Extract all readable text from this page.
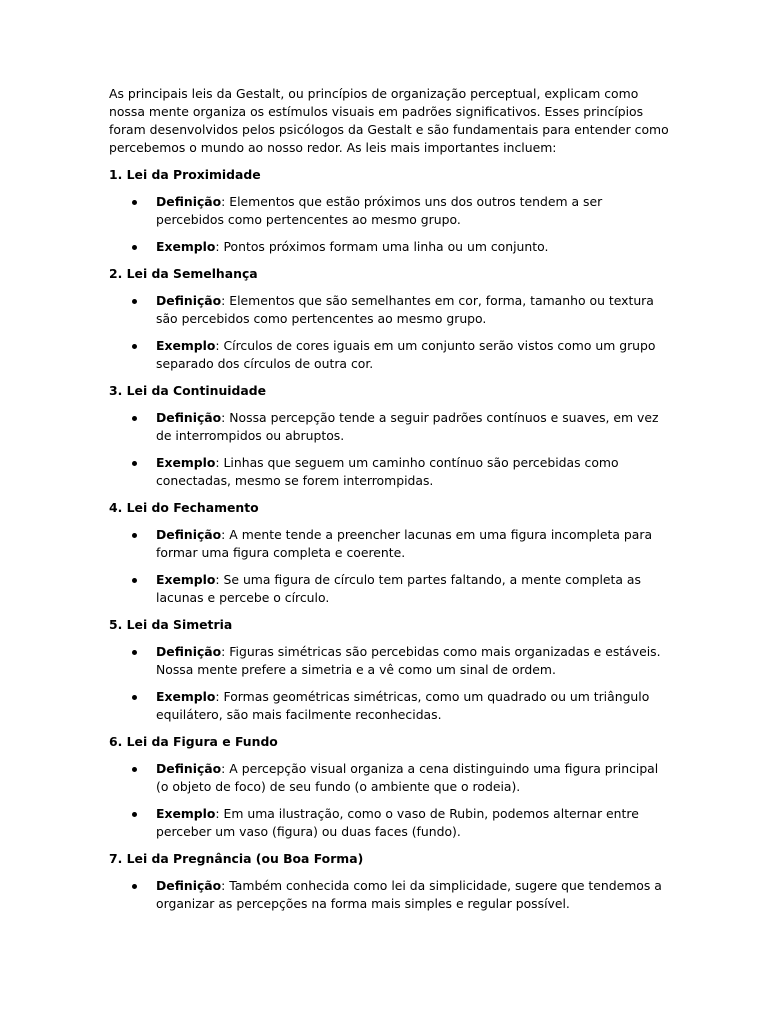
As principais leis da Gestalt, ou princípios de organização perceptual, explicam como nossa mente organiza os estímulos visuais em padrões significativos. Esses princípios foram desenvolvidos pelos psicólogos da Gestalt e são fundamentais para entender como percebemos o mundo ao nosso redor. As leis mais importantes incluem:

1. Lei da Proximidade
Definição: Elementos que estão próximos uns dos outros tendem a ser percebidos como pertencentes ao mesmo grupo.
Exemplo: Pontos próximos formam uma linha ou um conjunto.
2. Lei da Semelhança
Definição: Elementos que são semelhantes em cor, forma, tamanho ou textura são percebidos como pertencentes ao mesmo grupo.
Exemplo: Círculos de cores iguais em um conjunto serão vistos como um grupo separado dos círculos de outra cor.
3. Lei da Continuidade
Definição: Nossa percepção tende a seguir padrões contínuos e suaves, em vez de interrompidos ou abruptos.
Exemplo: Linhas que seguem um caminho contínuo são percebidas como conectadas, mesmo se forem interrompidas.
4. Lei do Fechamento
Definição: A mente tende a preencher lacunas em uma figura incompleta para formar uma figura completa e coerente.
Exemplo: Se uma figura de círculo tem partes faltando, a mente completa as lacunas e percebe o círculo.
5. Lei da Simetria
Definição: Figuras simétricas são percebidas como mais organizadas e estáveis. Nossa mente prefere a simetria e a vê como um sinal de ordem.
Exemplo: Formas geométricas simétricas, como um quadrado ou um triângulo equilátero, são mais facilmente reconhecidas.
6. Lei da Figura e Fundo
Definição: A percepção visual organiza a cena distinguindo uma figura principal (o objeto de foco) de seu fundo (o ambiente que o rodeia).
Exemplo: Em uma ilustração, como o vaso de Rubin, podemos alternar entre perceber um vaso (figura) ou duas faces (fundo).
7. Lei da Pregnância (ou Boa Forma)
Definição: Também conhecida como lei da simplicidade, sugere que tendemos a organizar as percepções na forma mais simples e regular possível.
